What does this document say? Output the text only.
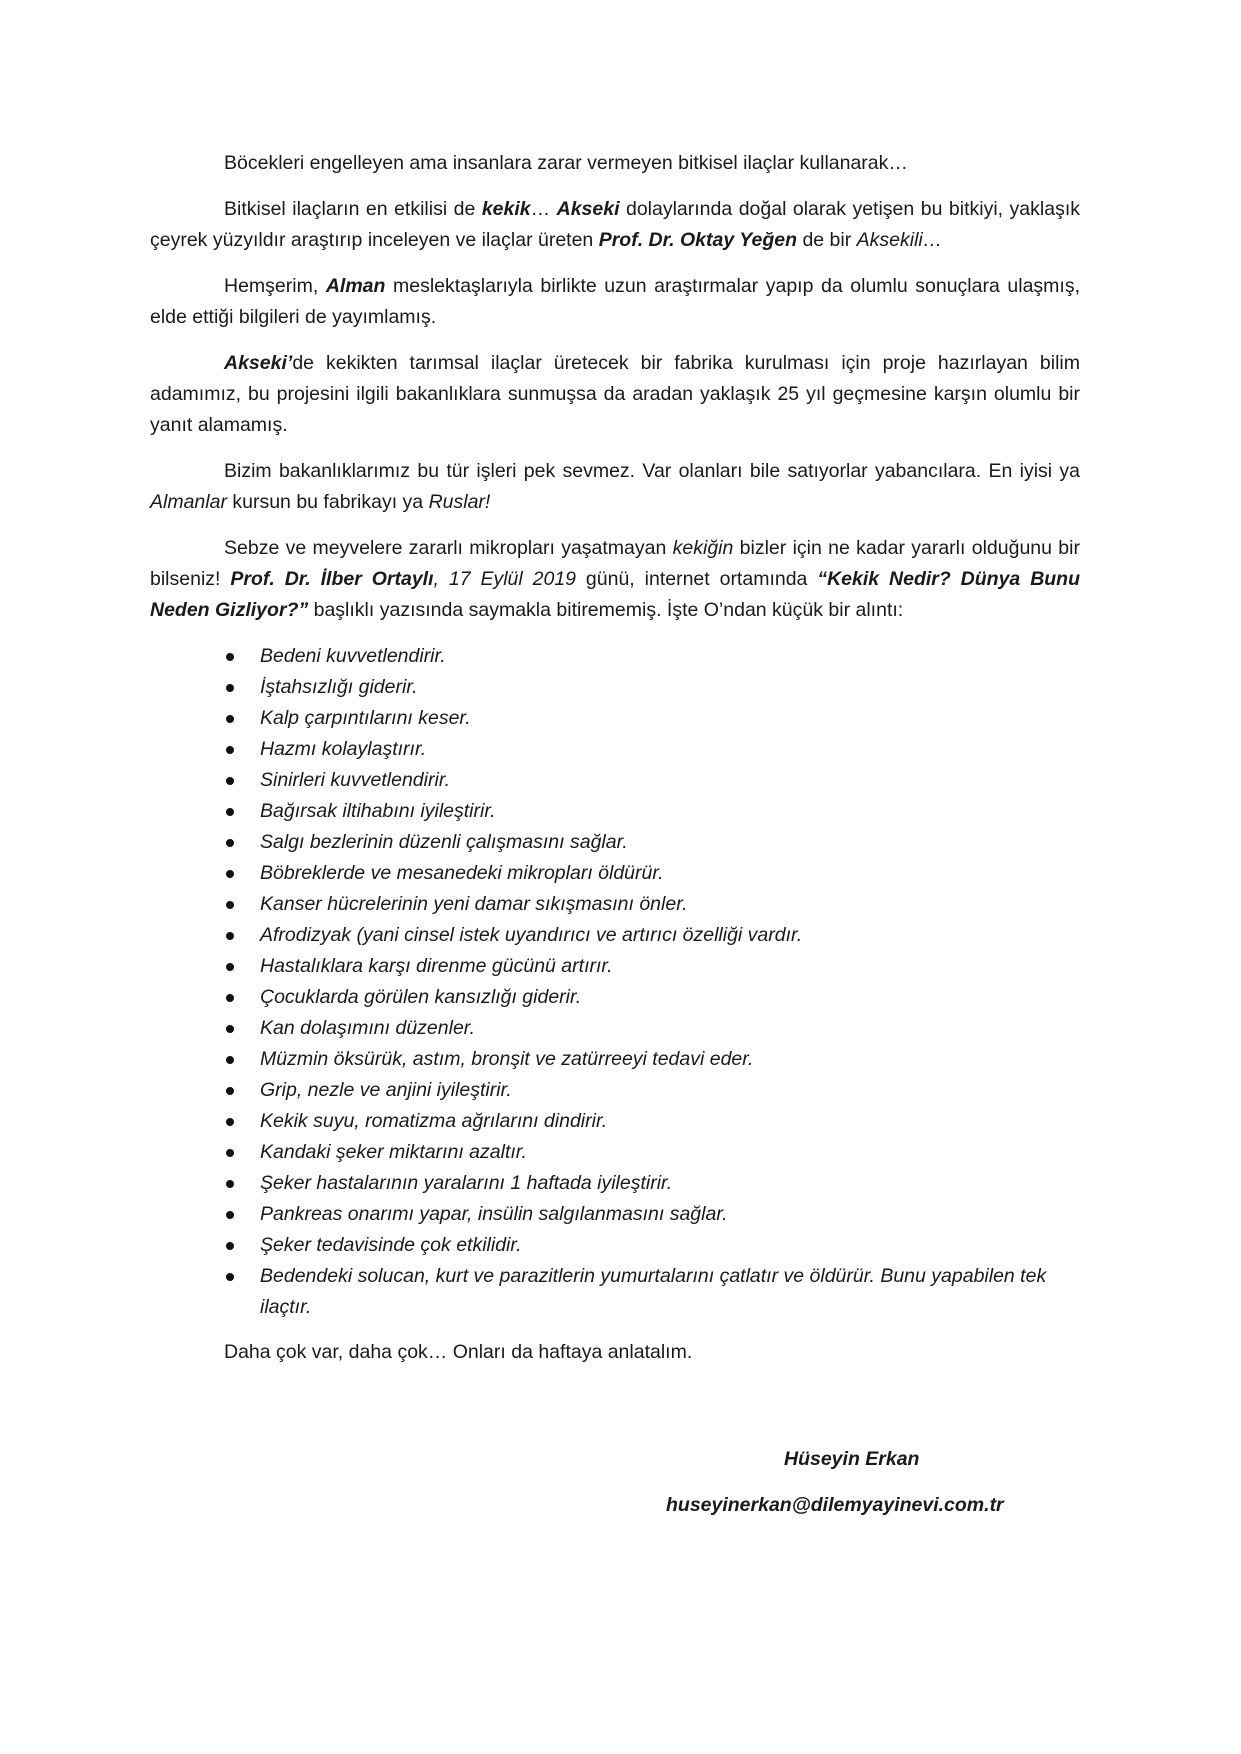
Böcekleri engelleyen ama insanlara zarar vermeyen bitkisel ilaçlar kullanarak…

Bitkisel ilaçların en etkilisi de kekik… Akseki dolaylarında doğal olarak yetişen bu bitkiyi, yaklaşık çeyrek yüzyıldır araştırıp inceleyen ve ilaçlar üreten Prof. Dr. Oktay Yeğen de bir Aksekili…

Hemşerim, Alman meslektaşlarıyla birlikte uzun araştırmalar yapıp da olumlu sonuçlara ulaşmış, elde ettiği bilgileri de yayımlamış.

Akseki’de kekikten tarımsal ilaçlar üretecek bir fabrika kurulması için proje hazırlayan bilim adamımız, bu projesini ilgili bakanlıklara sunmuşsa da aradan yaklaşık 25 yıl geçmesine karşın olumlu bir yanıt alamamış.

Bizim bakanlıklarımız bu tür işleri pek sevmez. Var olanları bile satıyorlar yabancılara. En iyisi ya Almanlar kursun bu fabrikayı ya Ruslar!

Sebze ve meyvelere zararlı mikropları yaşatmayan kekiğin bizler için ne kadar yararlı olduğunu bir bilseniz! Prof. Dr. İlber Ortaylı, 17 Eylül 2019 günü, internet ortamında “Kekik Nedir? Dünya Bunu Neden Gizliyor?” başlıklı yazısında saymakla bitirememiş. İşte O’ndan küçük bir alıntı:

Bedeni kuvvetlendirir.
İştahsızlığı giderir.
Kalp çarpıntılarını keser.
Hazmı kolaylaştırır.
Sinirleri kuvvetlendirir.
Bağırsak iltihabını iyileştirir.
Salgı bezlerinin düzenli çalışmasını sağlar.
Böbreklerde ve mesanedeki mikropları öldürür.
Kanser hücrelerinin yeni damar sıkışmasını önler.
Afrodizyak (yani cinsel istek uyandırıcı ve artırıcı özelliği vardır.
Hastalıklara karşı direnme gücünü artırır.
Çocuklarda görülen kansızlığı giderir.
Kan dolaşımını düzenler.
Müzmin öksürük, astım, bronşit ve zatürreeyi tedavi eder.
Grip, nezle ve anjini iyileştirir.
Kekik suyu, romatizma ağrılarını dindirir.
Kandaki şeker miktarını azaltır.
Şeker hastalarının yaralarını 1 haftada iyileştirir.
Pankreas onarımı yapar, insülin salgılanmasını sağlar.
Şeker tedavisinde çok etkilidir.
Bedendeki solucan, kurt ve parazitlerin yumurtalarını çatlatır ve öldürür. Bunu yapabilen tek ilaçtır.

Daha çok var, daha çok… Onları da haftaya anlatalım.

Hüseyin Erkan
huseyinerkan@dilemyayinevi.com.tr
